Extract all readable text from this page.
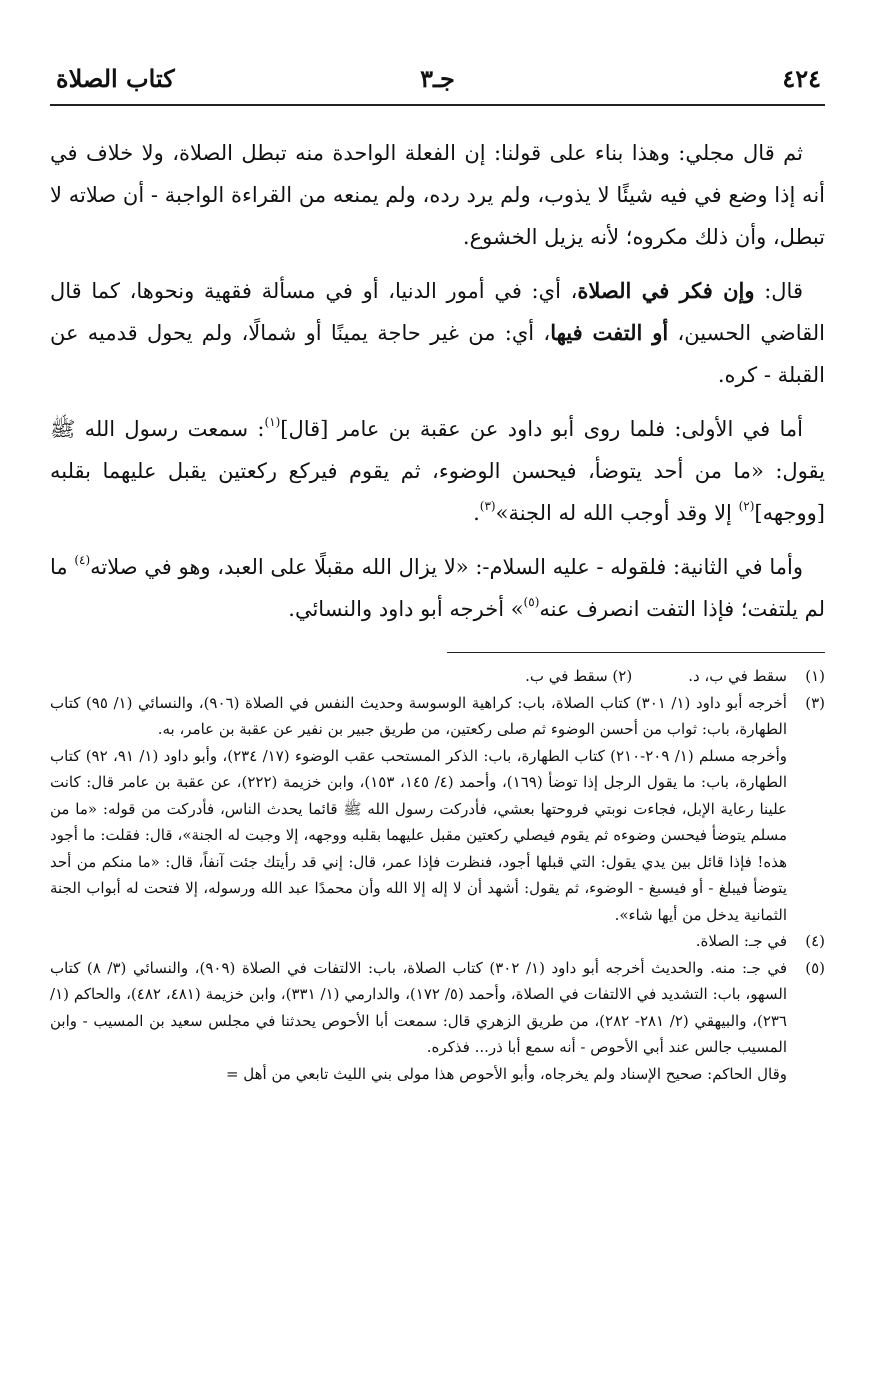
٤٢٤
جـ٣
كتاب الصلاة

ثم قال مجلي: وهذا بناء على قولنا: إن الفعلة الواحدة منه تبطل الصلاة، ولا خلاف في أنه إذا وضع في فيه شيئًا لا يذوب، ولم يرد رده، ولم يمنعه من القراءة الواجبة - أن صلاته لا تبطل، وأن ذلك مكروه؛ لأنه يزيل الخشوع.

قال: وإن فكر في الصلاة، أي: في أمور الدنيا، أو في مسألة فقهية ونحوها، كما قال القاضي الحسين، أو التفت فيها، أي: من غير حاجة يمينًا أو شمالًا، ولم يحول قدميه عن القبلة - كره.

أما في الأولى: فلما روى أبو داود عن عقبة بن عامر [قال]$^{(١)}$: سمعت رسول الله ﷺ يقول: «ما من أحد يتوضأ، فيحسن الوضوء، ثم يقوم فيركع ركعتين يقبل عليهما بقلبه [ووجهه]$^{(٢)}$ إلا وقد أوجب الله له الجنة»$^{(٣)}$.

وأما في الثانية: فلقوله - عليه السلام-: «لا يزال الله مقبلًا على العبد، وهو في صلاته$^{(٤)}$ ما لم يلتفت؛ فإذا التفت انصرف عنه$^{(٥)}$» أخرجه أبو داود والنسائي.

(١)
سقط في ب، د.(٢) سقط في ب.
(٣)
أخرجه أبو داود (١/ ٣٠١) كتاب الصلاة، باب: كراهية الوسوسة وحديث النفس في الصلاة (٩٠٦)، والنسائي (١/ ٩٥) كتاب الطهارة، باب: ثواب من أحسن الوضوء ثم صلى ركعتين، من طريق جبير بن نفير عن عقبة بن عامر، به.
وأخرجه مسلم (١/ ٢٠٩-٢١٠) كتاب الطهارة، باب: الذكر المستحب عقب الوضوء (١٧/ ٢٣٤)، وأبو داود (١/ ٩١، ٩٢) كتاب الطهارة، باب: ما يقول الرجل إذا توضأ (١٦٩)، وأحمد (٤/ ١٤٥، ١٥٣)، وابن خزيمة (٢٢٢)، عن عقبة بن عامر قال: كانت علينا رعاية الإبل، فجاءت نوبتي فروحتها بعشي، فأدركت رسول الله ﷺ قائما يحدث الناس، فأدركت من قوله: «ما من مسلم يتوضأ فيحسن وضوءه ثم يقوم فيصلي ركعتين مقبل عليهما بقلبه ووجهه، إلا وجبت له الجنة»، قال: فقلت: ما أجود هذه! فإذا قائل بين يدي يقول: التي قبلها أجود، فنظرت فإذا عمر، قال: إني قد رأيتك جئت آنفاً، قال: «ما منكم من أحد يتوضأ فيبلغ - أو فيسبغ - الوضوء، ثم يقول: أشهد أن لا إله إلا الله وأن محمدًا عبد الله ورسوله، إلا فتحت له أبواب الجنة الثمانية يدخل من أيها شاء».
(٤)
في جـ: الصلاة.
(٥)
في جـ: منه. والحديث أخرجه أبو داود (١/ ٣٠٢) كتاب الصلاة، باب: الالتفات في الصلاة (٩٠٩)، والنسائي (٣/ ٨) كتاب السهو، باب: التشديد في الالتفات في الصلاة، وأحمد (٥/ ١٧٢)، والدارمي (١/ ٣٣١)، وابن خزيمة (٤٨١، ٤٨٢)، والحاكم (١/ ٢٣٦)، والبيهقي (٢/ ٢٨١- ٢٨٢)، من طريق الزهري قال: سمعت أبا الأحوص يحدثنا في مجلس سعيد بن المسيب - وابن المسيب جالس عند أبي الأحوص - أنه سمع أبا ذر... فذكره.
وقال الحاكم: صحيح الإسناد ولم يخرجاه، وأبو الأحوص هذا مولى بني الليث تابعي من أهل =
